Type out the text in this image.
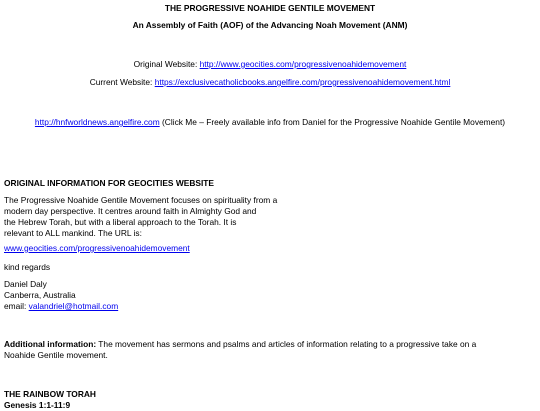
THE PROGRESSIVE NOAHIDE GENTILE MOVEMENT
An Assembly of Faith (AOF) of the Advancing Noah Movement (ANM)
Original Website: http://www.geocities.com/progressivenoahidemovement
Current Website: https://exclusivecatholicbooks.angelfire.com/progressivenoahidemovement.html
http://hnfworldnews.angelfire.com (Click Me – Freely available info from Daniel for the Progressive Noahide Gentile Movement)
ORIGINAL INFORMATION FOR GEOCITIES WEBSITE
The Progressive Noahide Gentile Movement focuses on spirituality from a
modern day perspective. It centres around faith in Almighty God and
the Hebrew Torah, but with a liberal approach to the Torah. It is
relevant to ALL mankind. The URL is:
www.geocities.com/progressivenoahidemovement
kind regards
Daniel Daly
Canberra, Australia
email: valandriel@hotmail.com
Additional information: The movement has sermons and psalms and articles of information relating to a progressive take on a
Noahide Gentile movement.
THE RAINBOW TORAH
Genesis 1:1-11:9
